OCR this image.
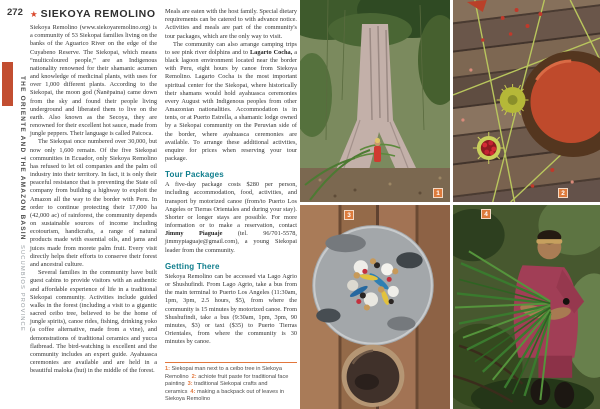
272
THE ORIENTE AND THE AMAZON BASIN SUCUMBÍOS PROVINCE
★ SIEKOYA REMOLINO

Siekoya Remolino (www.siekoyaremolino.org) is a community of 53 Siekopai families living on the banks of the Aguarico River on the edge of the Cuyabeno Reserve. The Siekopai, which means “multicoloured people,” are an Indigenous nationality renowned for their shamanic acumen and knowledge of medicinal plants, with uses for over 1,000 different plants. According to the Siekopai, the moon god (Ñanëpaina) came down from the sky and found their people living underground and liberated them to live on the earth. Also known as the Secoya, they are renowned for their excellent hot sauce, made from jungle peppers. Their language is called Paicoca.

The Siekopai once numbered over 30,000, but now only 1,600 remain. Of the five Siekopai communities in Ecuador, only Siekoya Remolino has refused to let oil companies and the palm oil industry into their territory. In fact, it is only their peaceful resistance that is preventing the State oil company from building a highway to exploit the Amazon all the way to the border with Peru. In order to continue protecting their 17,000 ha (42,000 ac) of rainforest, the community depends on sustainable sources of income including ecotourism, handicrafts, a range of natural products made with essential oils, and jams and juices made from morete palm fruit. Every visit directly helps their efforts to conserve their forest and ancestral culture.

Several families in the community have built guest cabins to provide visitors with an authentic and affordable experience of life in a traditional Siekopai community. Activities include guided walks in the forest (including a visit to a gigantic sacred ceibo tree, believed to be the home of jungle spirits), canoe rides, fishing, drinking yoko (a coffee alternative, made from a vine), and demonstrations of traditional ceramics and yucca flatbread. The bird-watching is excellent and the community includes an expert guide. Ayahuasca ceremonies are available and are held in a beautiful maloka (hut) in the middle of the forest.

Meals are eaten with the host family. Special dietary requirements can be catered to with advance notice. Activities and meals are part of the community's tour packages, which are the only way to visit.

The community can also arrange camping trips to see pink river dolphins and to Lagarto Cocha, a black lagoon environment located near the border with Peru, eight hours by canoe from Siekoya Remolino. Lagarto Cocha is the most important spiritual center for the Siekopai, where historically their shamans would hold ayahuasca ceremonies every August with Indigenous peoples from other Amazonian nationalities. Accommodation is in tents, or at Puerto Estrella, a shamanic lodge owned by a Siekopai community on the Peruvian side of the border, where ayahuasca ceremonies are available. To arrange these additional activities, enquire for prices when reserving your tour package.

Tour Packages

A five-day package costs $280 per person, including accommodation, food, activities, and transport by motorized canoe (from/to Puerto Los Angeles or Tierras Orientales and during your stay). Shorter or longer stays are possible. For more information or to make a reservation, contact Jimmy Piaguaje (tel. 96/701-5578, jimmypiaguaje@gmail.com), a young Siekopai leader from the community.

Getting There

Siekoya Remolino can be accessed via Lago Agrio or Shushufindi. From Lago Agrio, take a bus from the main terminal to Puerto Los Angeles (11:30am, 1pm, 3pm, 2.5 hours, $5), from where the community is 15 minutes by motorized canoe. From Shushufindi, take a bus (9:30am, 1pm, 3pm, 90 minutes, $3) or taxi ($35) to Puerto Tierras Orientales, from where the community is 30 minutes by canoe.

1: Siekopai man next to a ceibo tree in Siekoya Remolino 2: achiote fruit paste for traditional face painting 3: traditional Siekopai crafts and ceramics 4: making a backpack out of leaves in Siekoya Remolino
1	2
3	4
